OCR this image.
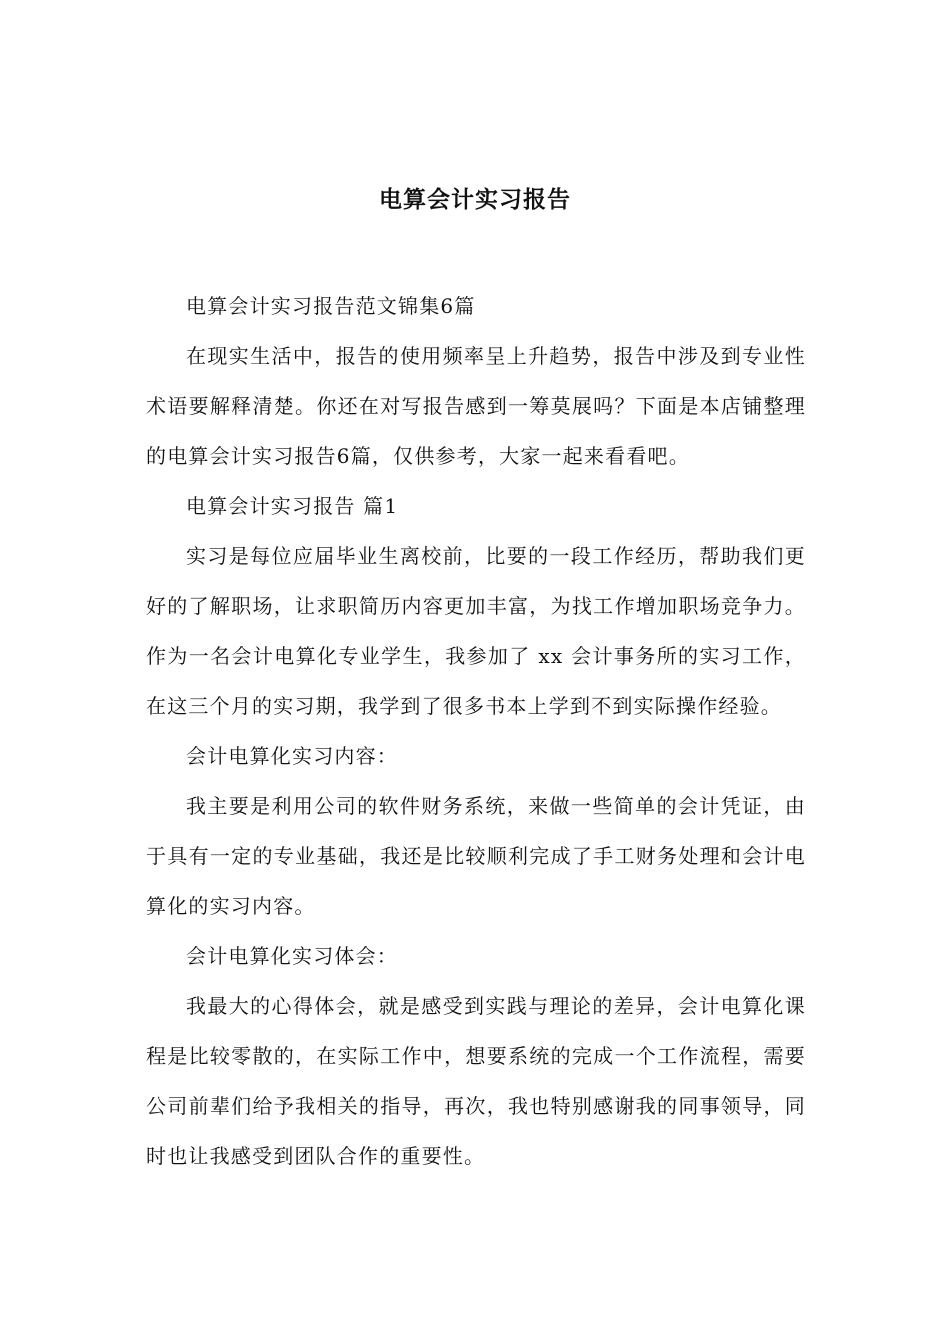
电算会计实习报告

电算会计实习报告范文锦集6篇

在现实生活中，报告的使用频率呈上升趋势，报告中涉及到专业性术语要解释清楚。你还在对写报告感到一筹莫展吗？下面是本店铺整理的电算会计实习报告6篇，仅供参考，大家一起来看看吧。

电算会计实习报告 篇1

实习是每位应届毕业生离校前，比要的一段工作经历，帮助我们更好的了解职场，让求职简历内容更加丰富，为找工作增加职场竞争力。作为一名会计电算化专业学生，我参加了 xx 会计事务所的实习工作，在这三个月的实习期，我学到了很多书本上学到不到实际操作经验。

会计电算化实习内容：

我主要是利用公司的软件财务系统，来做一些简单的会计凭证，由于具有一定的专业基础，我还是比较顺利完成了手工财务处理和会计电算化的实习内容。

会计电算化实习体会：

我最大的心得体会，就是感受到实践与理论的差异，会计电算化课程是比较零散的，在实际工作中，想要系统的完成一个工作流程，需要公司前辈们给予我相关的指导，再次，我也特别感谢我的同事领导，同时也让我感受到团队合作的重要性。
